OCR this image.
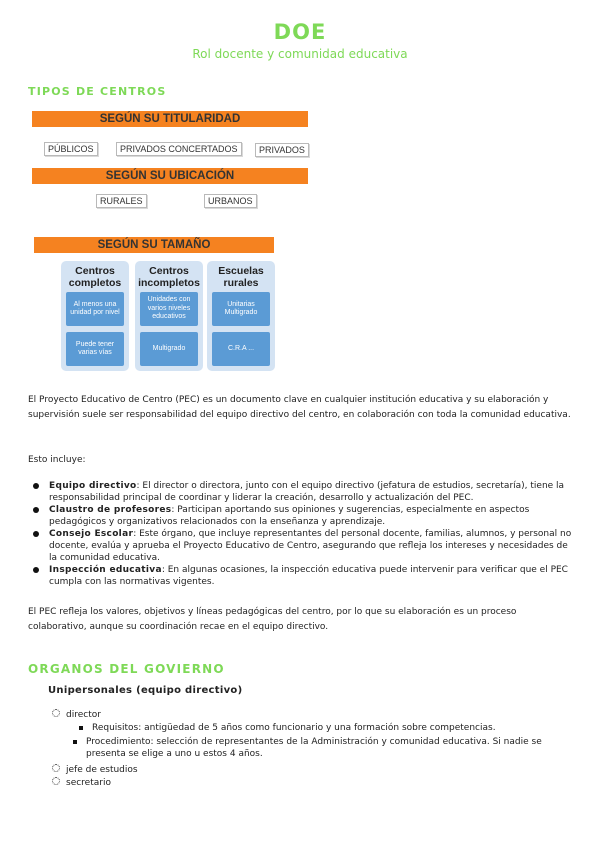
DOE
Rol docente y comunidad educativa
TIPOS DE CENTROS
SEGÚN SU TITULARIDAD
PÚBLICOS	PRIVADOS CONCERTADOS	PRIVADOS
SEGÚN SU UBICACIÓN
RURALES	URBANOS
SEGÚN SU TAMAÑO
Centros completos
Al menos una unidad por nivel
Puede tener varias vías
Centros incompletos
Unidades con varios niveles educativos
Multigrado
Escuelas rurales
Unitarias Multigrado
C.R.A ...
El Proyecto Educativo de Centro (PEC) es un documento clave en cualquier institución educativa y su elaboración y supervisión suele ser responsabilidad del equipo directivo del centro, en colaboración con toda la comunidad educativa.
Esto incluye:
Equipo directivo: El director o directora, junto con el equipo directivo (jefatura de estudios, secretaría), tiene la responsabilidad principal de coordinar y liderar la creación, desarrollo y actualización del PEC.
Claustro de profesores: Participan aportando sus opiniones y sugerencias, especialmente en aspectos pedagógicos y organizativos relacionados con la enseñanza y aprendizaje.
Consejo Escolar: Este órgano, que incluye representantes del personal docente, familias, alumnos, y personal no docente, evalúa y aprueba el Proyecto Educativo de Centro, asegurando que refleja los intereses y necesidades de la comunidad educativa.
Inspección educativa: En algunas ocasiones, la inspección educativa puede intervenir para verificar que el PEC cumpla con las normativas vigentes.
El PEC refleja los valores, objetivos y líneas pedagógicas del centro, por lo que su elaboración es un proceso colaborativo, aunque su coordinación recae en el equipo directivo.
ORGANOS DEL GOVIERNO
Unipersonales (equipo directivo)
director
Requisitos: antigüedad de 5 años como funcionario y una formación sobre competencias.
Procedimiento: selección de representantes de la Administración y comunidad educativa. Si nadie se presenta se elige a uno u estos 4 años.
jefe de estudios
secretario
